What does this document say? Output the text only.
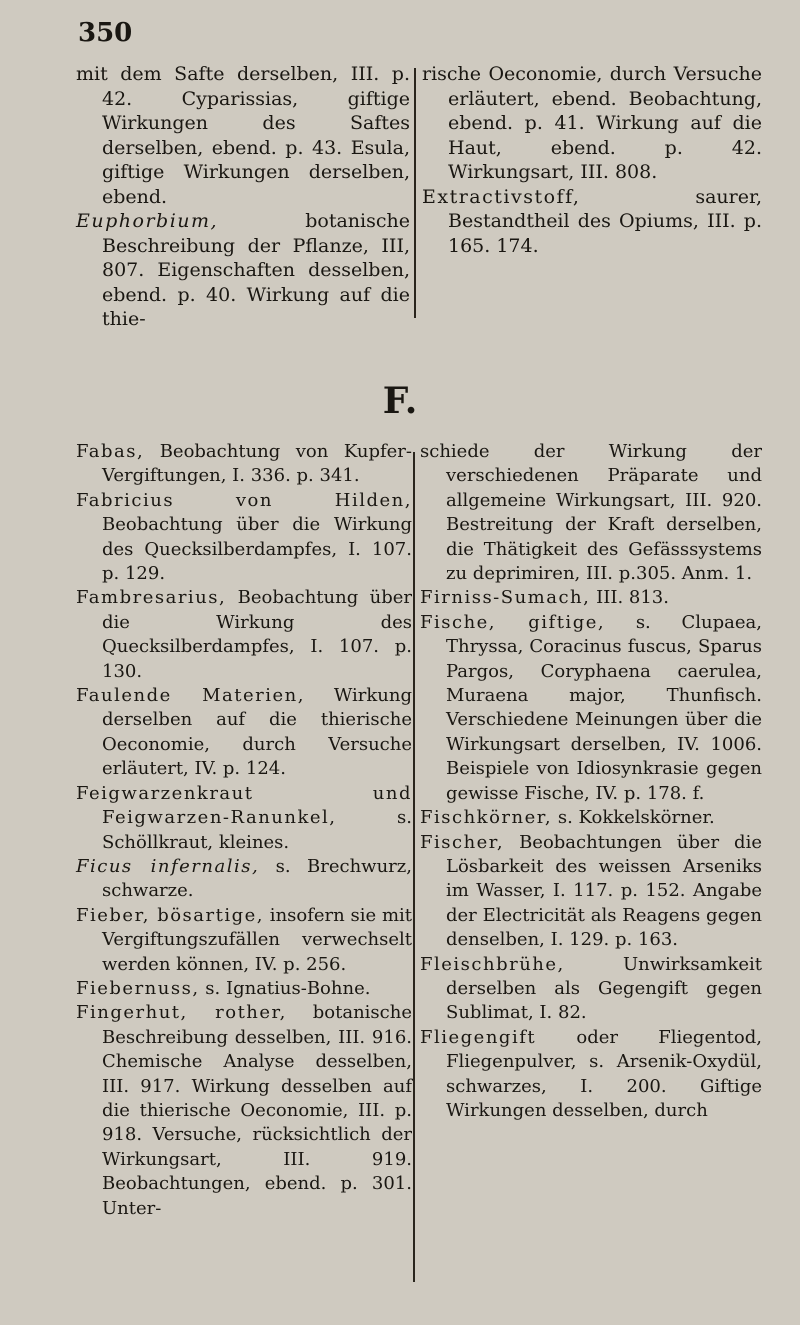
350

mit dem Safte derselben, III. p. 42. Cyparissias, giftige Wirkungen des Saftes derselben, ebend. p. 43. Esula, giftige Wirkungen derselben, ebend.

Euphorbium, botanische Beschreibung der Pflanze, III, 807. Eigenschaften desselben, ebend. p. 40. Wirkung auf die thie-

rische Oeconomie, durch Versuche erläutert, ebend. Beobachtung, ebend. p. 41. Wirkung auf die Haut, ebend. p. 42. Wirkungsart, III. 808.

Extractivstoff, saurer, Bestandtheil des Opiums, III. p. 165. 174.

F.

Fabas, Beobachtung von Kupfer-Vergiftungen, I. 336. p. 341.

Fabricius von Hilden, Beobachtung über die Wirkung des Quecksilberdampfes, I. 107. p. 129.

Fambresarius, Beobachtung über die Wirkung des Quecksilberdampfes, I. 107. p. 130.

Faulende Materien, Wirkung derselben auf die thierische Oeconomie, durch Versuche erläutert, IV. p. 124.

Feigwarzenkraut und Feigwarzen-Ranunkel, s. Schöllkraut, kleines.

Ficus infernalis, s. Brechwurz, schwarze.

Fieber, bösartige, insofern sie mit Vergiftungszufällen verwechselt werden können, IV. p. 256.

Fiebernuss, s. Ignatius-Bohne.

Fingerhut, rother, botanische Beschreibung desselben, III. 916. Chemische Analyse desselben, III. 917. Wirkung desselben auf die thierische Oeconomie, III. p. 918. Versuche, rücksichtlich der Wirkungsart, III. 919. Beobachtungen, ebend. p. 301. Unter-

schiede der Wirkung der verschiedenen Präparate und allgemeine Wirkungsart, III. 920. Bestreitung der Kraft derselben, die Thätigkeit des Gefässsystems zu deprimiren, III. p.305. Anm. 1.

Firniss-Sumach, III. 813.

Fische, giftige, s. Clupaea, Thryssa, Coracinus fuscus, Sparus Pargos, Coryphaena caerulea, Muraena major, Thunfisch. Verschiedene Meinungen über die Wirkungsart derselben, IV. 1006. Beispiele von Idiosynkrasie gegen gewisse Fische, IV. p. 178. f.

Fischkörner, s. Kokkelskörner.

Fischer, Beobachtungen über die Lösbarkeit des weissen Arseniks im Wasser, I. 117. p. 152. Angabe der Electricität als Reagens gegen denselben, I. 129. p. 163.

Fleischbrühe, Unwirksamkeit derselben als Gegengift gegen Sublimat, I. 82.

Fliegengift oder Fliegentod, Fliegenpulver, s. Arsenik-Oxydül, schwarzes, I. 200. Giftige Wirkungen desselben, durch
